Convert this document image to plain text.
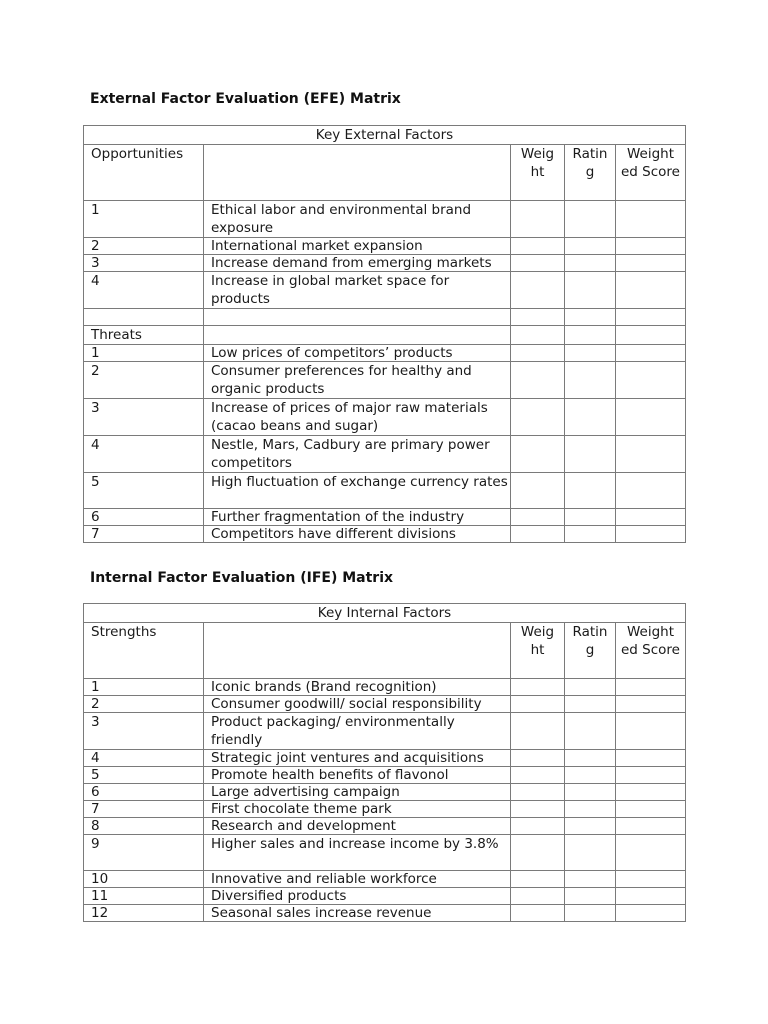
External Factor Evaluation (EFE) Matrix
Key External Factors				
Opportunities		Weig ht	Ratin g	Weight ed Score
1	Ethical labor and environmental brand exposure			
2	International market expansion			
3	Increase demand from emerging markets			
4	Increase in global market space for products			

Threats				
1	Low prices of competitors’ products			
2	Consumer preferences for healthy and organic products			
3	Increase of prices of major raw materials (cacao beans and sugar)			
4	Nestle, Mars, Cadbury are primary power competitors			
5	High fluctuation of exchange currency rates			
6	Further fragmentation of the industry			
7	Competitors have different divisions			
Internal Factor Evaluation (IFE) Matrix
Key Internal Factors				
Strengths		Weig ht	Ratin g	Weight ed Score
1	Iconic brands (Brand recognition)			
2	Consumer goodwill/ social responsibility			
3	Product packaging/ environmentally friendly			
4	Strategic joint ventures and acquisitions			
5	Promote health benefits of flavonol			
6	Large advertising campaign			
7	First chocolate theme park			
8	Research and development			
9	Higher sales and increase income by 3.8%			
10	Innovative and reliable workforce			
11	Diversified products			
12	Seasonal sales increase revenue			
